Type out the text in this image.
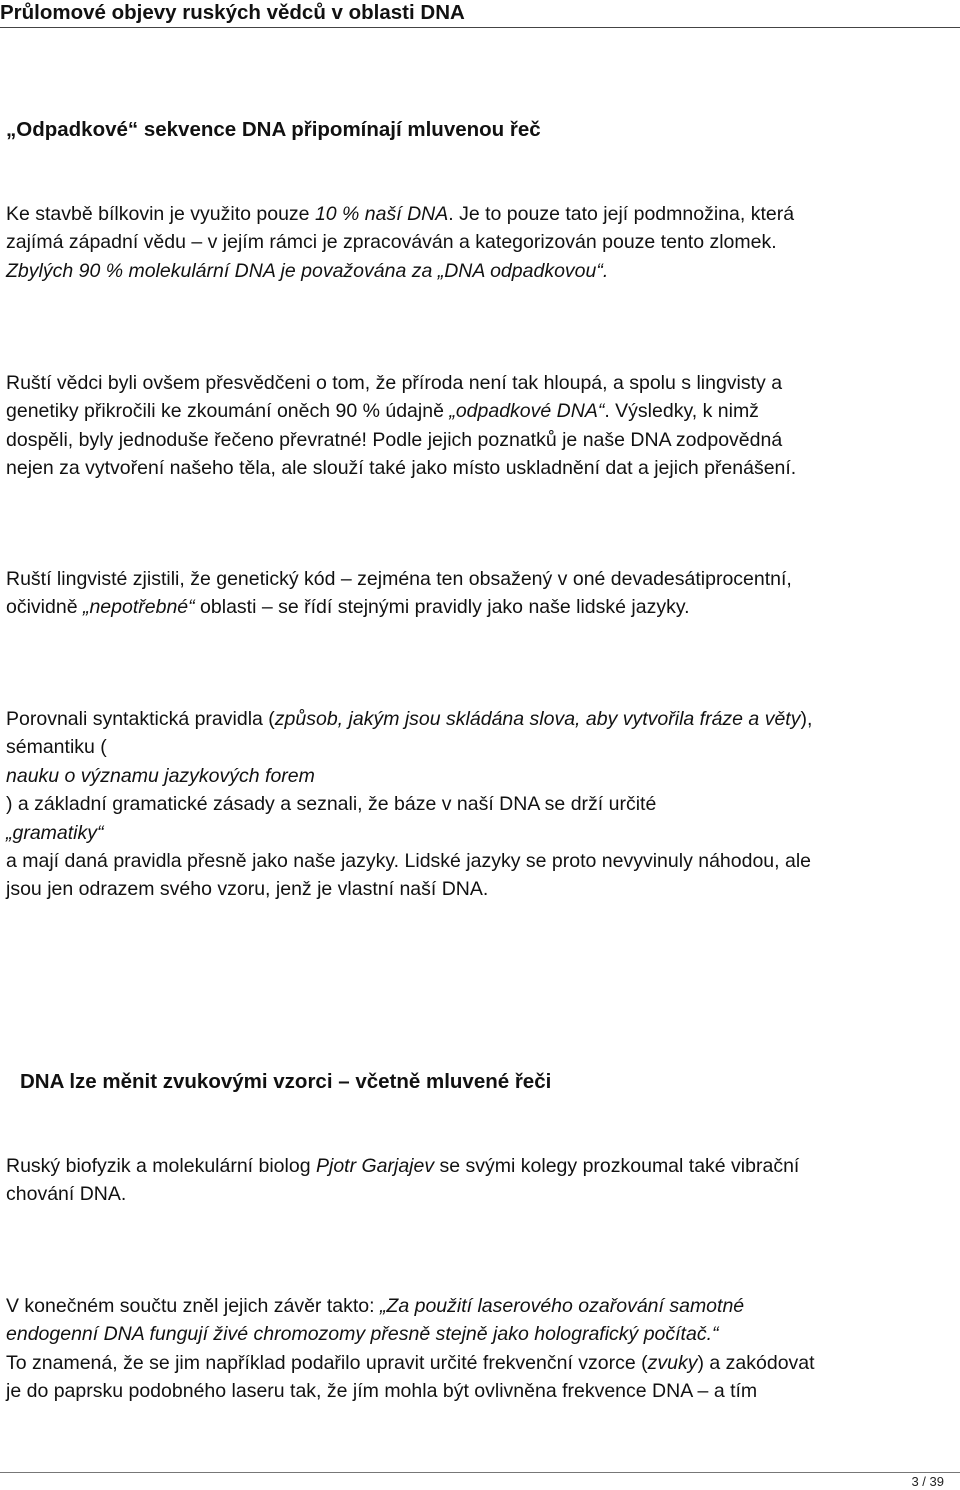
Průlomové objevy ruských vědců v oblasti DNA
„Odpadkové“ sekvence DNA připomínají mluvenou řeč

Ke stavbě bílkovin je využito pouze 10 % naší DNA. Je to pouze tato její podmnožina, která
zajímá západní vědu – v jejím rámci je zpracováván a kategorizován pouze tento zlomek.
Zbylých 90 % molekulární DNA je považována za „DNA odpadkovou“.

Ruští vědci byli ovšem přesvědčeni o tom, že příroda není tak hloupá, a spolu s lingvisty a
genetiky přikročili ke zkoumání oněch 90 % údajně „odpadkové DNA“. Výsledky, k nimž
dospěli, byly jednoduše řečeno převratné! Podle jejich poznatků je naše DNA zodpovědná
nejen za vytvoření našeho těla, ale slouží také jako místo uskladnění dat a jejich přenášení.

Ruští lingvisté zjistili, že genetický kód – zejména ten obsažený v oné devadesátiprocentní,
očividně „nepotřebné“ oblasti – se řídí stejnými pravidly jako naše lidské jazyky.

Porovnali syntaktická pravidla (způsob, jakým jsou skládána slova, aby vytvořila fráze a věty),
sémantiku (
nauku o významu jazykových forem
) a základní gramatické zásady a seznali, že báze v naší DNA se drží určité
„gramatiky“
a mají daná pravidla přesně jako naše jazyky. Lidské jazyky se proto nevyvinuly náhodou, ale
jsou jen odrazem svého vzoru, jenž je vlastní naší DNA.

DNA lze měnit zvukovými vzorci – včetně mluvené řeči

Ruský biofyzik a molekulární biolog Pjotr Garjajev se svými kolegy prozkoumal také vibrační
chování DNA.

V konečném součtu zněl jejich závěr takto: „Za použití laserového ozařování samotné
endogenní DNA fungují živé chromozomy přesně stejně jako holografický počítač.“
To znamená, že se jim například podařilo upravit určité frekvenční vzorce (zvuky) a zakódovat
je do paprsku podobného laseru tak, že jím mohla být ovlivněna frekvence DNA – a tím

3 / 39
